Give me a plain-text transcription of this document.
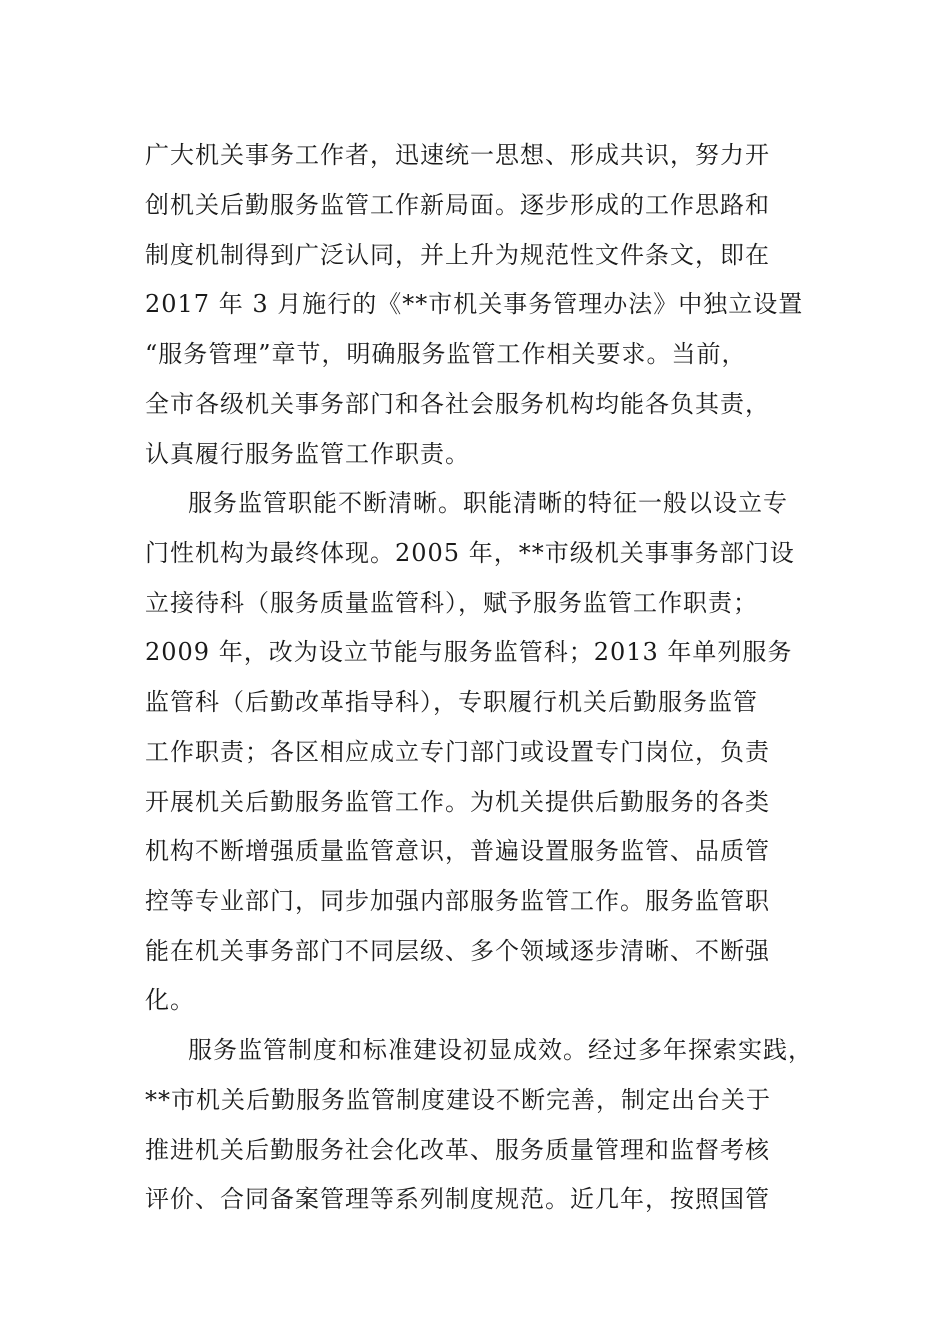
广大机关事务工作者，迅速统一思想、形成共识，努力开
创机关后勤服务监管工作新局面。逐步形成的工作思路和
制度机制得到广泛认同，并上升为规范性文件条文，即在
2017 年 3 月施行的《**市机关事务管理办法》中独立设置
“服务管理”章节，明确服务监管工作相关要求。当前，
全市各级机关事务部门和各社会服务机构均能各负其责，
认真履行服务监管工作职责。
服务监管职能不断清晰。职能清晰的特征一般以设立专
门性机构为最终体现。2005 年，**市级机关事事务部门设
立接待科（服务质量监管科），赋予服务监管工作职责；
2009 年，改为设立节能与服务监管科；2013 年单列服务
监管科（后勤改革指导科），专职履行机关后勤服务监管
工作职责；各区相应成立专门部门或设置专门岗位，负责
开展机关后勤服务监管工作。为机关提供后勤服务的各类
机构不断增强质量监管意识，普遍设置服务监管、品质管
控等专业部门，同步加强内部服务监管工作。服务监管职
能在机关事务部门不同层级、多个领域逐步清晰、不断强
化。
服务监管制度和标准建设初显成效。经过多年探索实践，
**市机关后勤服务监管制度建设不断完善，制定出台关于
推进机关后勤服务社会化改革、服务质量管理和监督考核
评价、合同备案管理等系列制度规范。近几年，按照国管
